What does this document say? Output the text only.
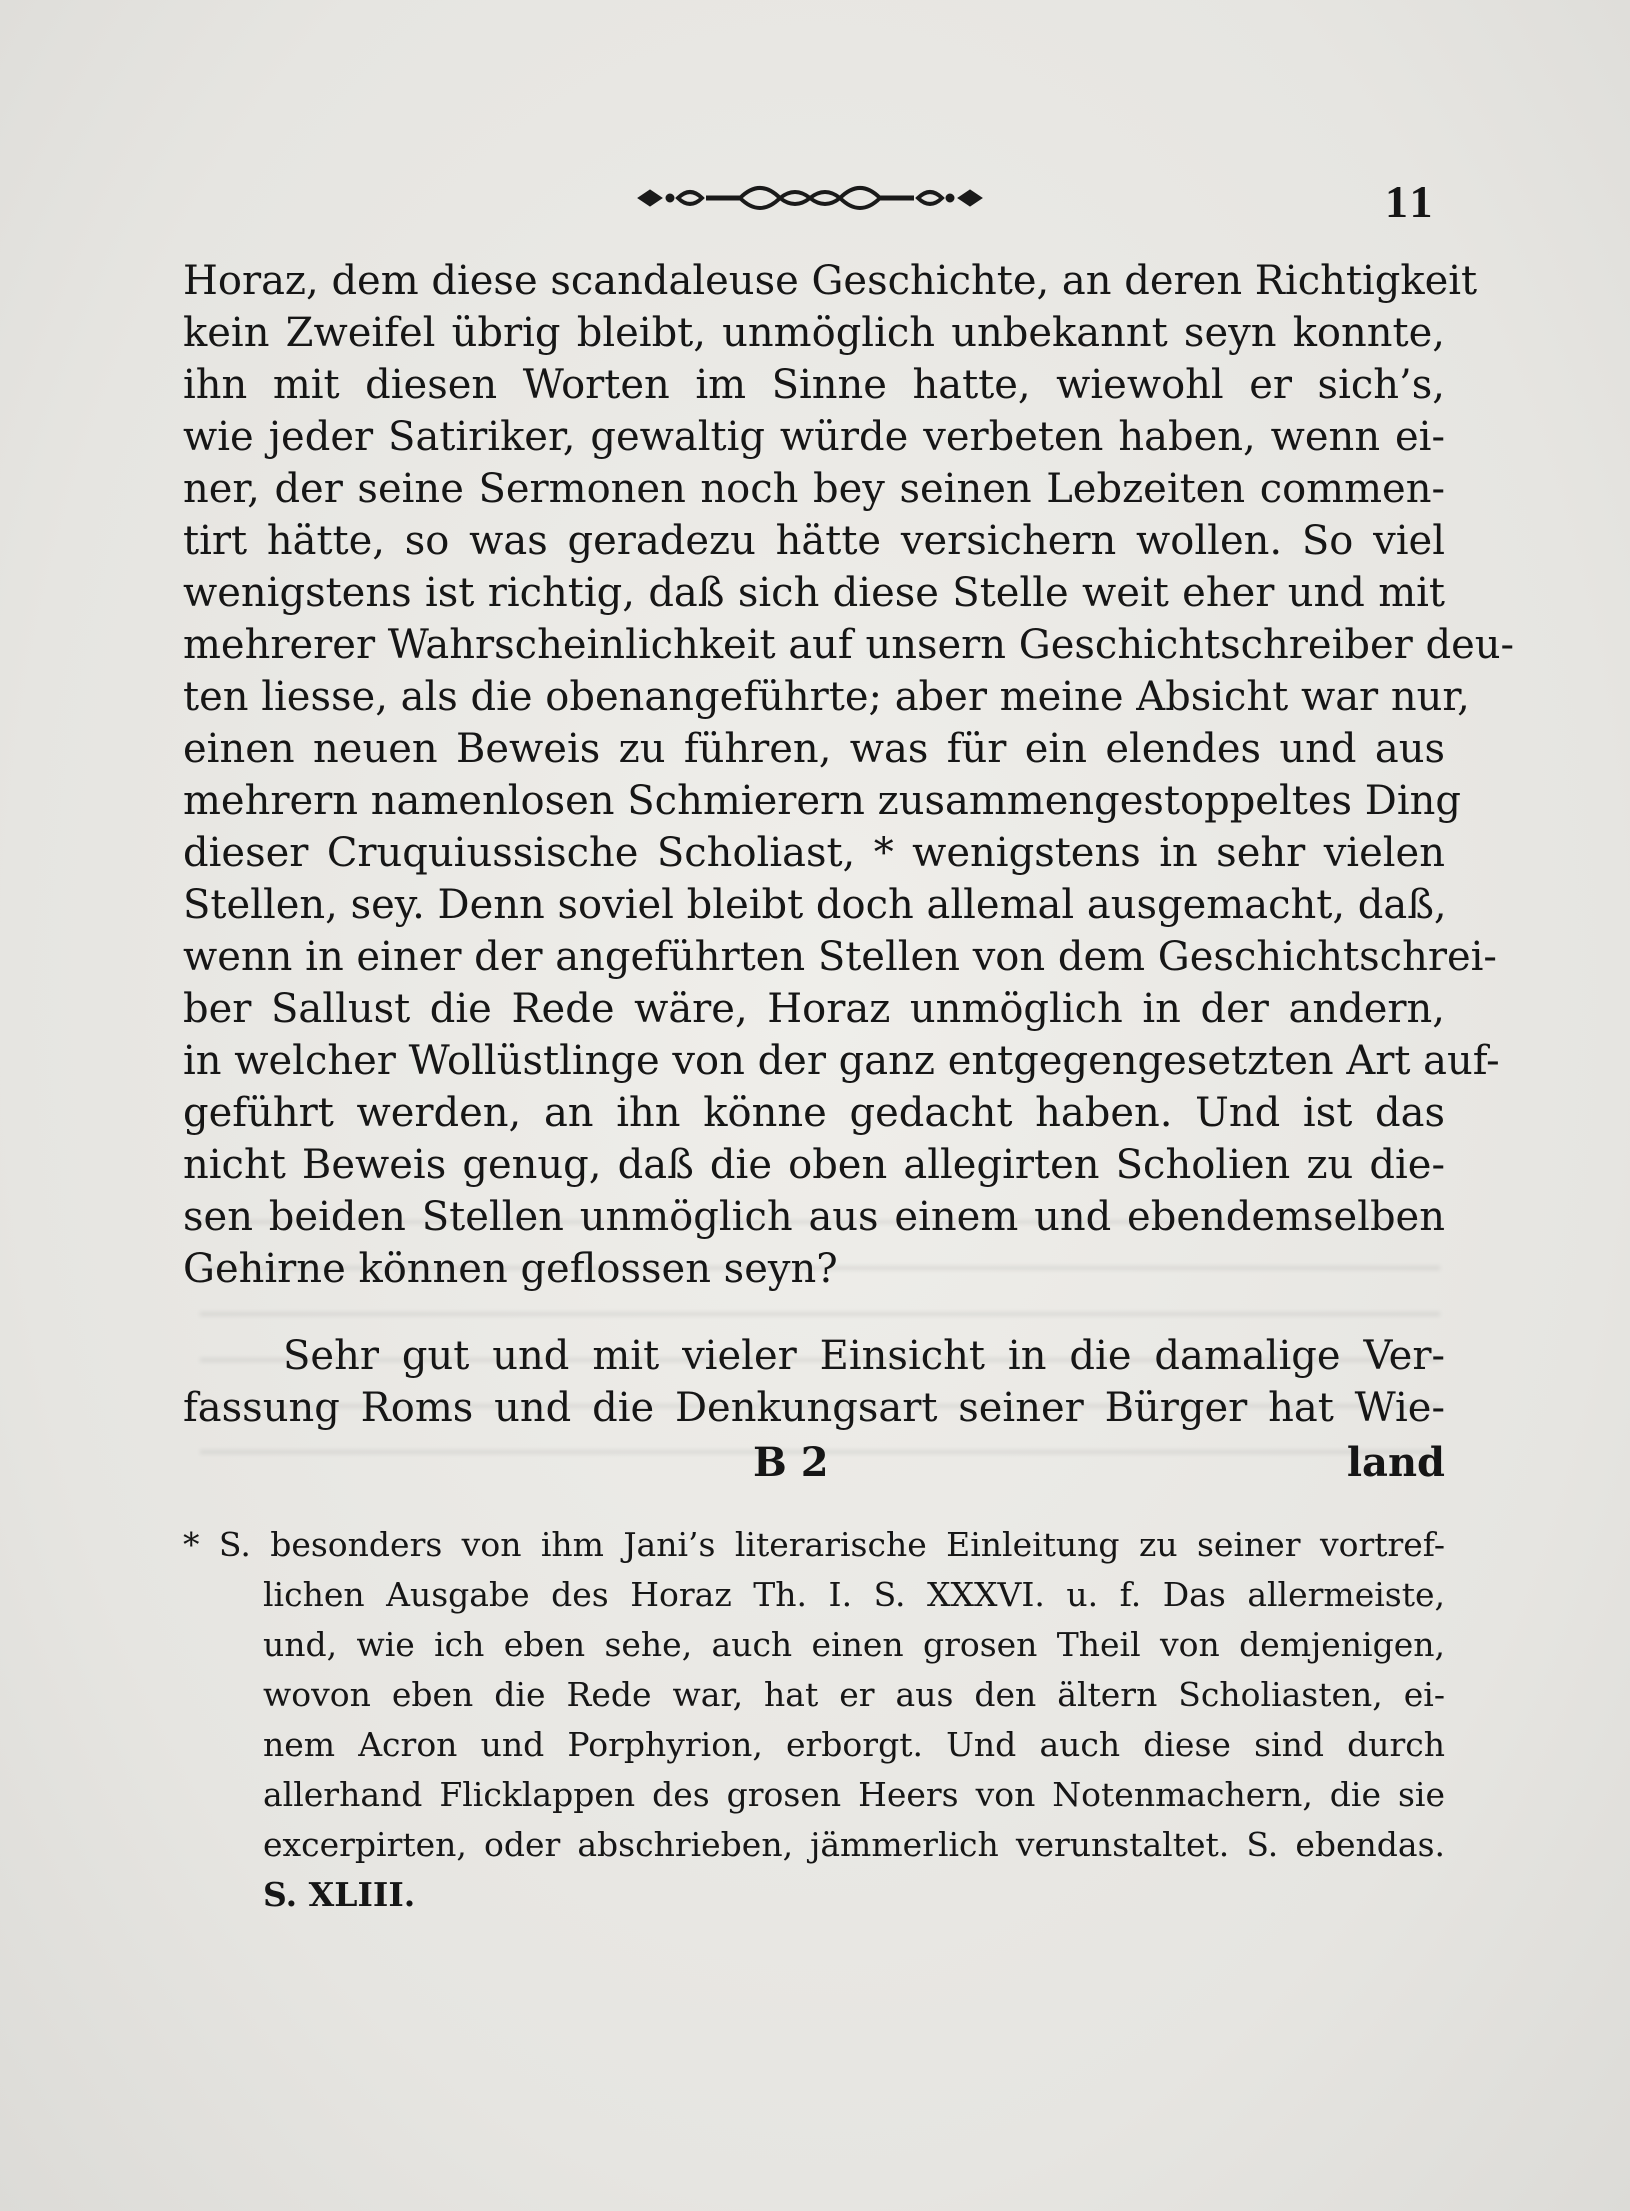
11
Horaz, dem diese scandaleuse Geschichte, an deren Richtigkeit
kein Zweifel übrig bleibt, unmöglich unbekannt seyn konnte,
ihn mit diesen Worten im Sinne hatte, wiewohl er sich’s,
wie jeder Satiriker, gewaltig würde verbeten haben, wenn ei-
ner, der seine Sermonen noch bey seinen Lebzeiten commen-
tirt hätte, so was geradezu hätte versichern wollen. So viel
wenigstens ist richtig, daß sich diese Stelle weit eher und mit
mehrerer Wahrscheinlichkeit auf unsern Geschichtschreiber deu-
ten liesse, als die obenangeführte; aber meine Absicht war nur,
einen neuen Beweis zu führen, was für ein elendes und aus
mehrern namenlosen Schmierern zusammengestoppeltes Ding
dieser Cruquiussische Scholiast, * wenigstens in sehr vielen
Stellen, sey. Denn soviel bleibt doch allemal ausgemacht, daß,
wenn in einer der angeführten Stellen von dem Geschichtschrei-
ber Sallust die Rede wäre, Horaz unmöglich in der andern,
in welcher Wollüstlinge von der ganz entgegengesetzten Art auf-
geführt werden, an ihn könne gedacht haben. Und ist das
nicht Beweis genug, daß die oben allegirten Scholien zu die-
sen beiden Stellen unmöglich aus einem und ebendemselben
Gehirne können geflossen seyn?
Sehr gut und mit vieler Einsicht in die damalige Ver-
fassung Roms und die Denkungsart seiner Bürger hat Wie-
B 2	land
* S. besonders von ihm Jani’s literarische Einleitung zu seiner vortref-
lichen Ausgabe des Horaz Th. I. S. XXXVI. u. f. Das allermeiste,
und, wie ich eben sehe, auch einen grosen Theil von demjenigen,
wovon eben die Rede war, hat er aus den ältern Scholiasten, ei-
nem Acron und Porphyrion, erborgt. Und auch diese sind durch
allerhand Flicklappen des grosen Heers von Notenmachern, die sie
excerpirten, oder abschrieben, jämmerlich verunstaltet. S. ebendas.
S. XLIII.
